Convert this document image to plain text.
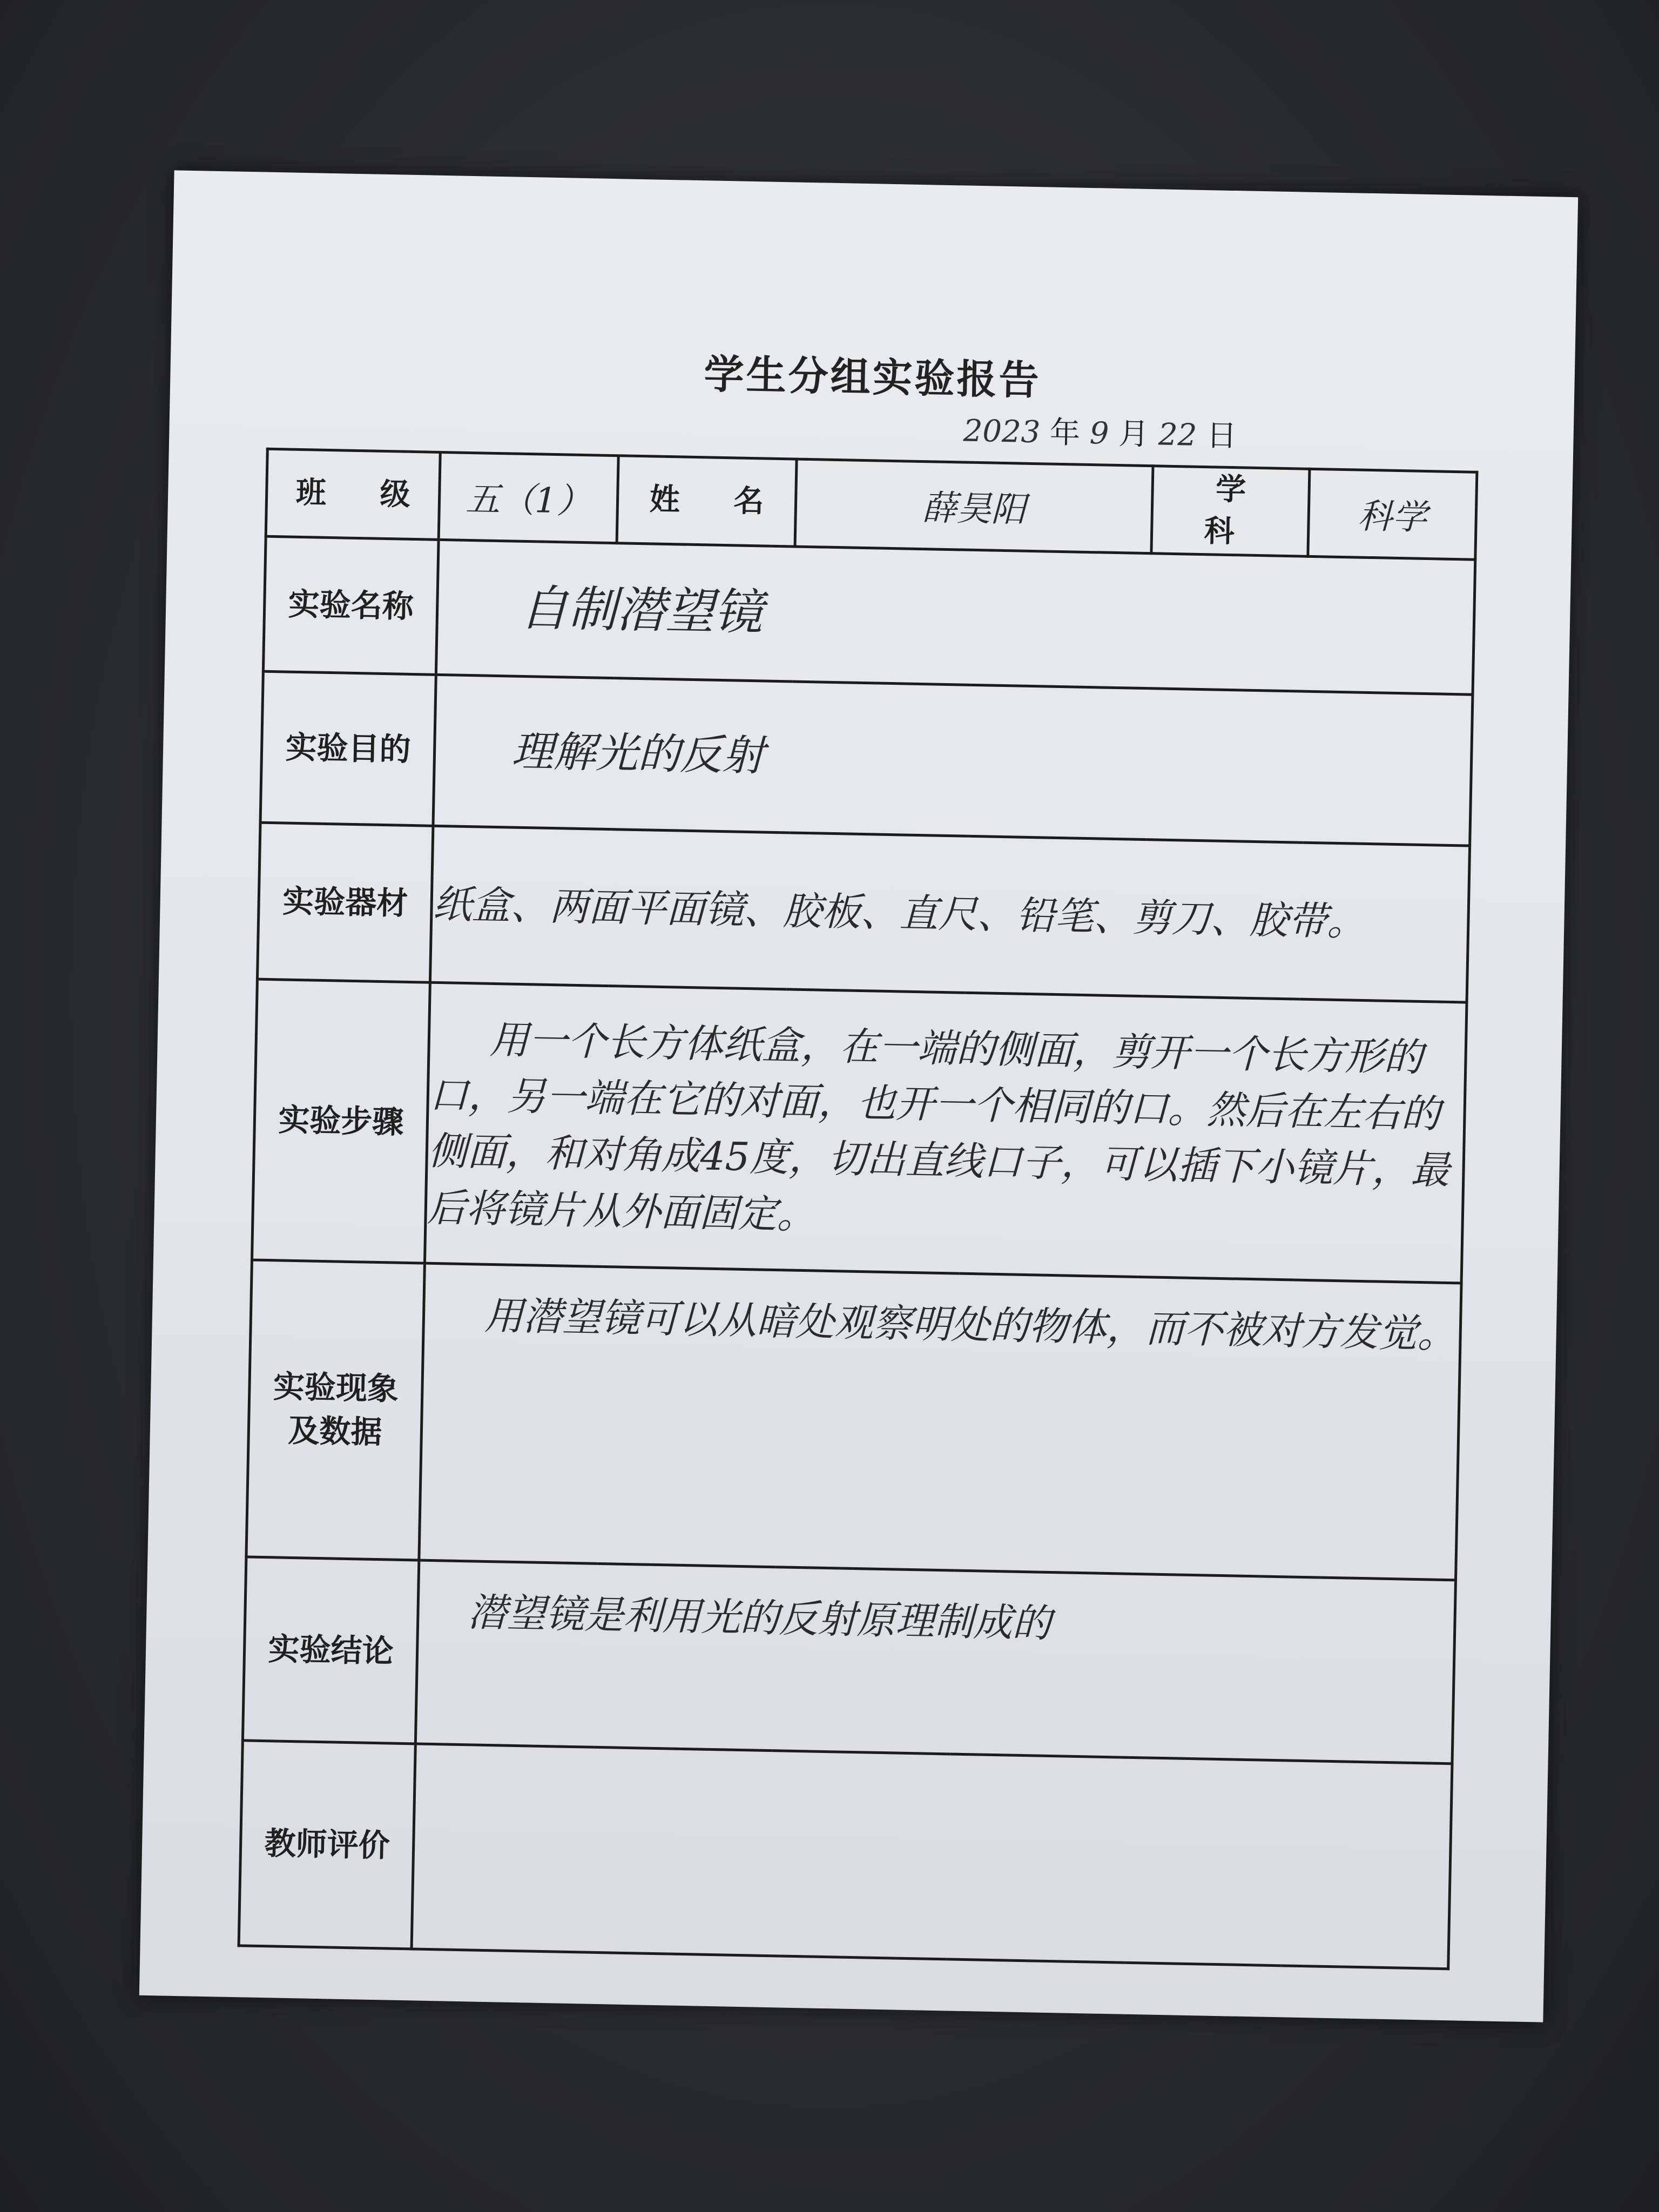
学生分组实验报告
2023 年 9 月 22 日
班 级	五（1）	姓 名	薛昊阳	学 科	科学
实验名称	自制潜望镜				
实验目的	理解光的反射				
实验器材	纸盒、两面平面镜、胶板、直尺、铅笔、剪刀、胶带。				
实验步骤	用一个长方体纸盒，在一端的侧面，剪开一个长方形的口，另一端在它的对面，也开一个相同的口。然后在左右的侧面，和对角成45度，切出直线口子，可以插下小镜片，最后将镜片从外面固定。				

实验现象
及数据	用潜望镜可以从暗处观察明处的物体，而不被对方发觉。				
实验结论	潜望镜是利用光的反射原理制成的				
教师评价					
